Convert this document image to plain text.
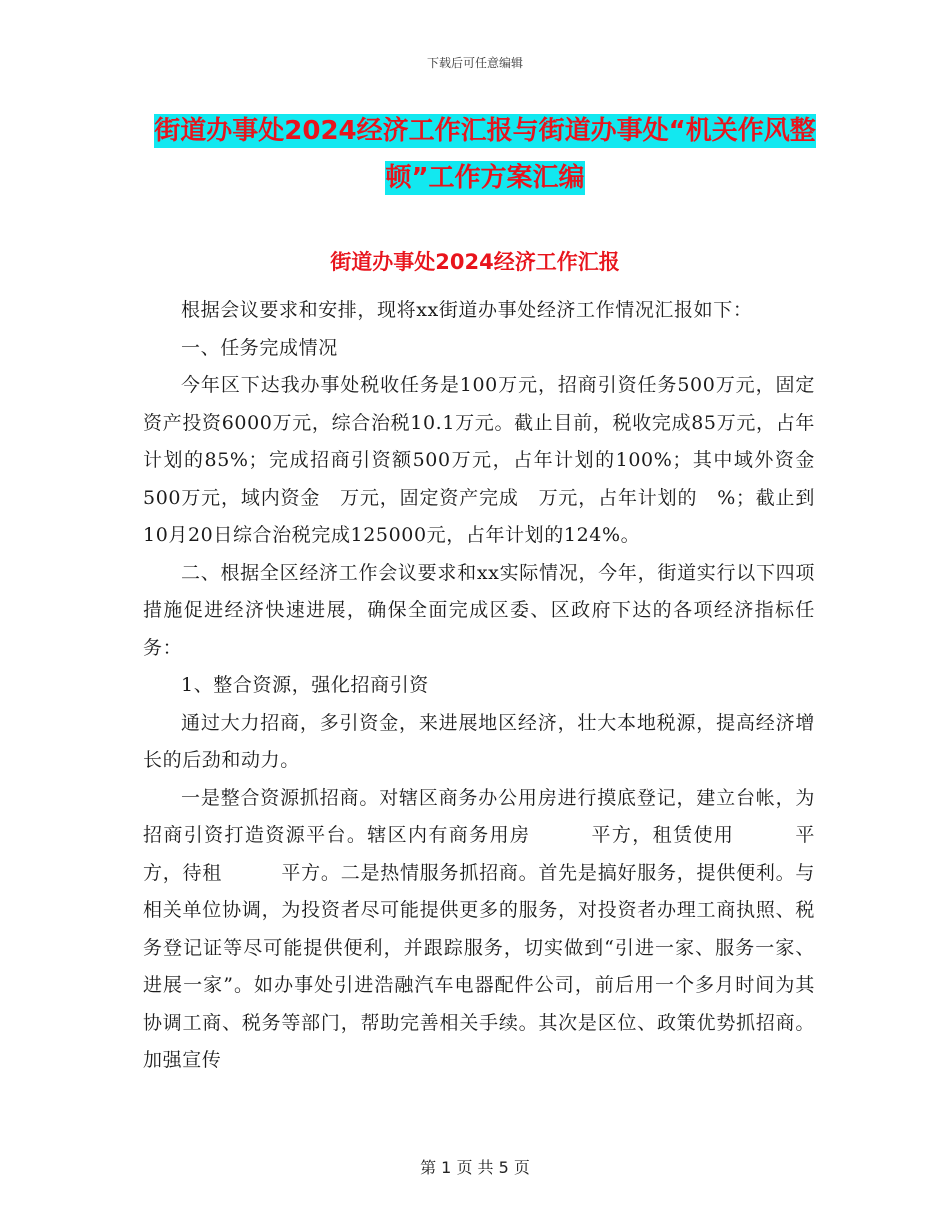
下载后可任意编辑
街道办事处2024经济工作汇报与街道办事处“机关作风整顿”工作方案汇编
街道办事处2024经济工作汇报

根据会议要求和安排，现将xx街道办事处经济工作情况汇报如下：

一、任务完成情况

今年区下达我办事处税收任务是100万元，招商引资任务500万元，固定资产投资6000万元，综合治税10.1万元。截止目前，税收完成85万元，占年计划的85%；完成招商引资额500万元，占年计划的100%；其中域外资金500万元，域内资金　万元，固定资产完成　万元，占年计划的　%；截止到10月20日综合治税完成125000元，占年计划的124%。

二、根据全区经济工作会议要求和xx实际情况，今年，街道实行以下四项措施促进经济快速进展，确保全面完成区委、区政府下达的各项经济指标任务：

1、整合资源，强化招商引资

通过大力招商，多引资金，来进展地区经济，壮大本地税源，提高经济增长的后劲和动力。

一是整合资源抓招商。对辖区商务办公用房进行摸底登记，建立台帐，为招商引资打造资源平台。辖区内有商务用房　　　平方，租赁使用　　　平方，待租　　　平方。二是热情服务抓招商。首先是搞好服务，提供便利。与相关单位协调，为投资者尽可能提供更多的服务，对投资者办理工商执照、税务登记证等尽可能提供便利，并跟踪服务，切实做到“引进一家、服务一家、进展一家”。如办事处引进浩融汽车电器配件公司，前后用一个多月时间为其协调工商、税务等部门，帮助完善相关手续。其次是区位、政策优势抓招商。加强宣传

第 1 页 共 5 页
